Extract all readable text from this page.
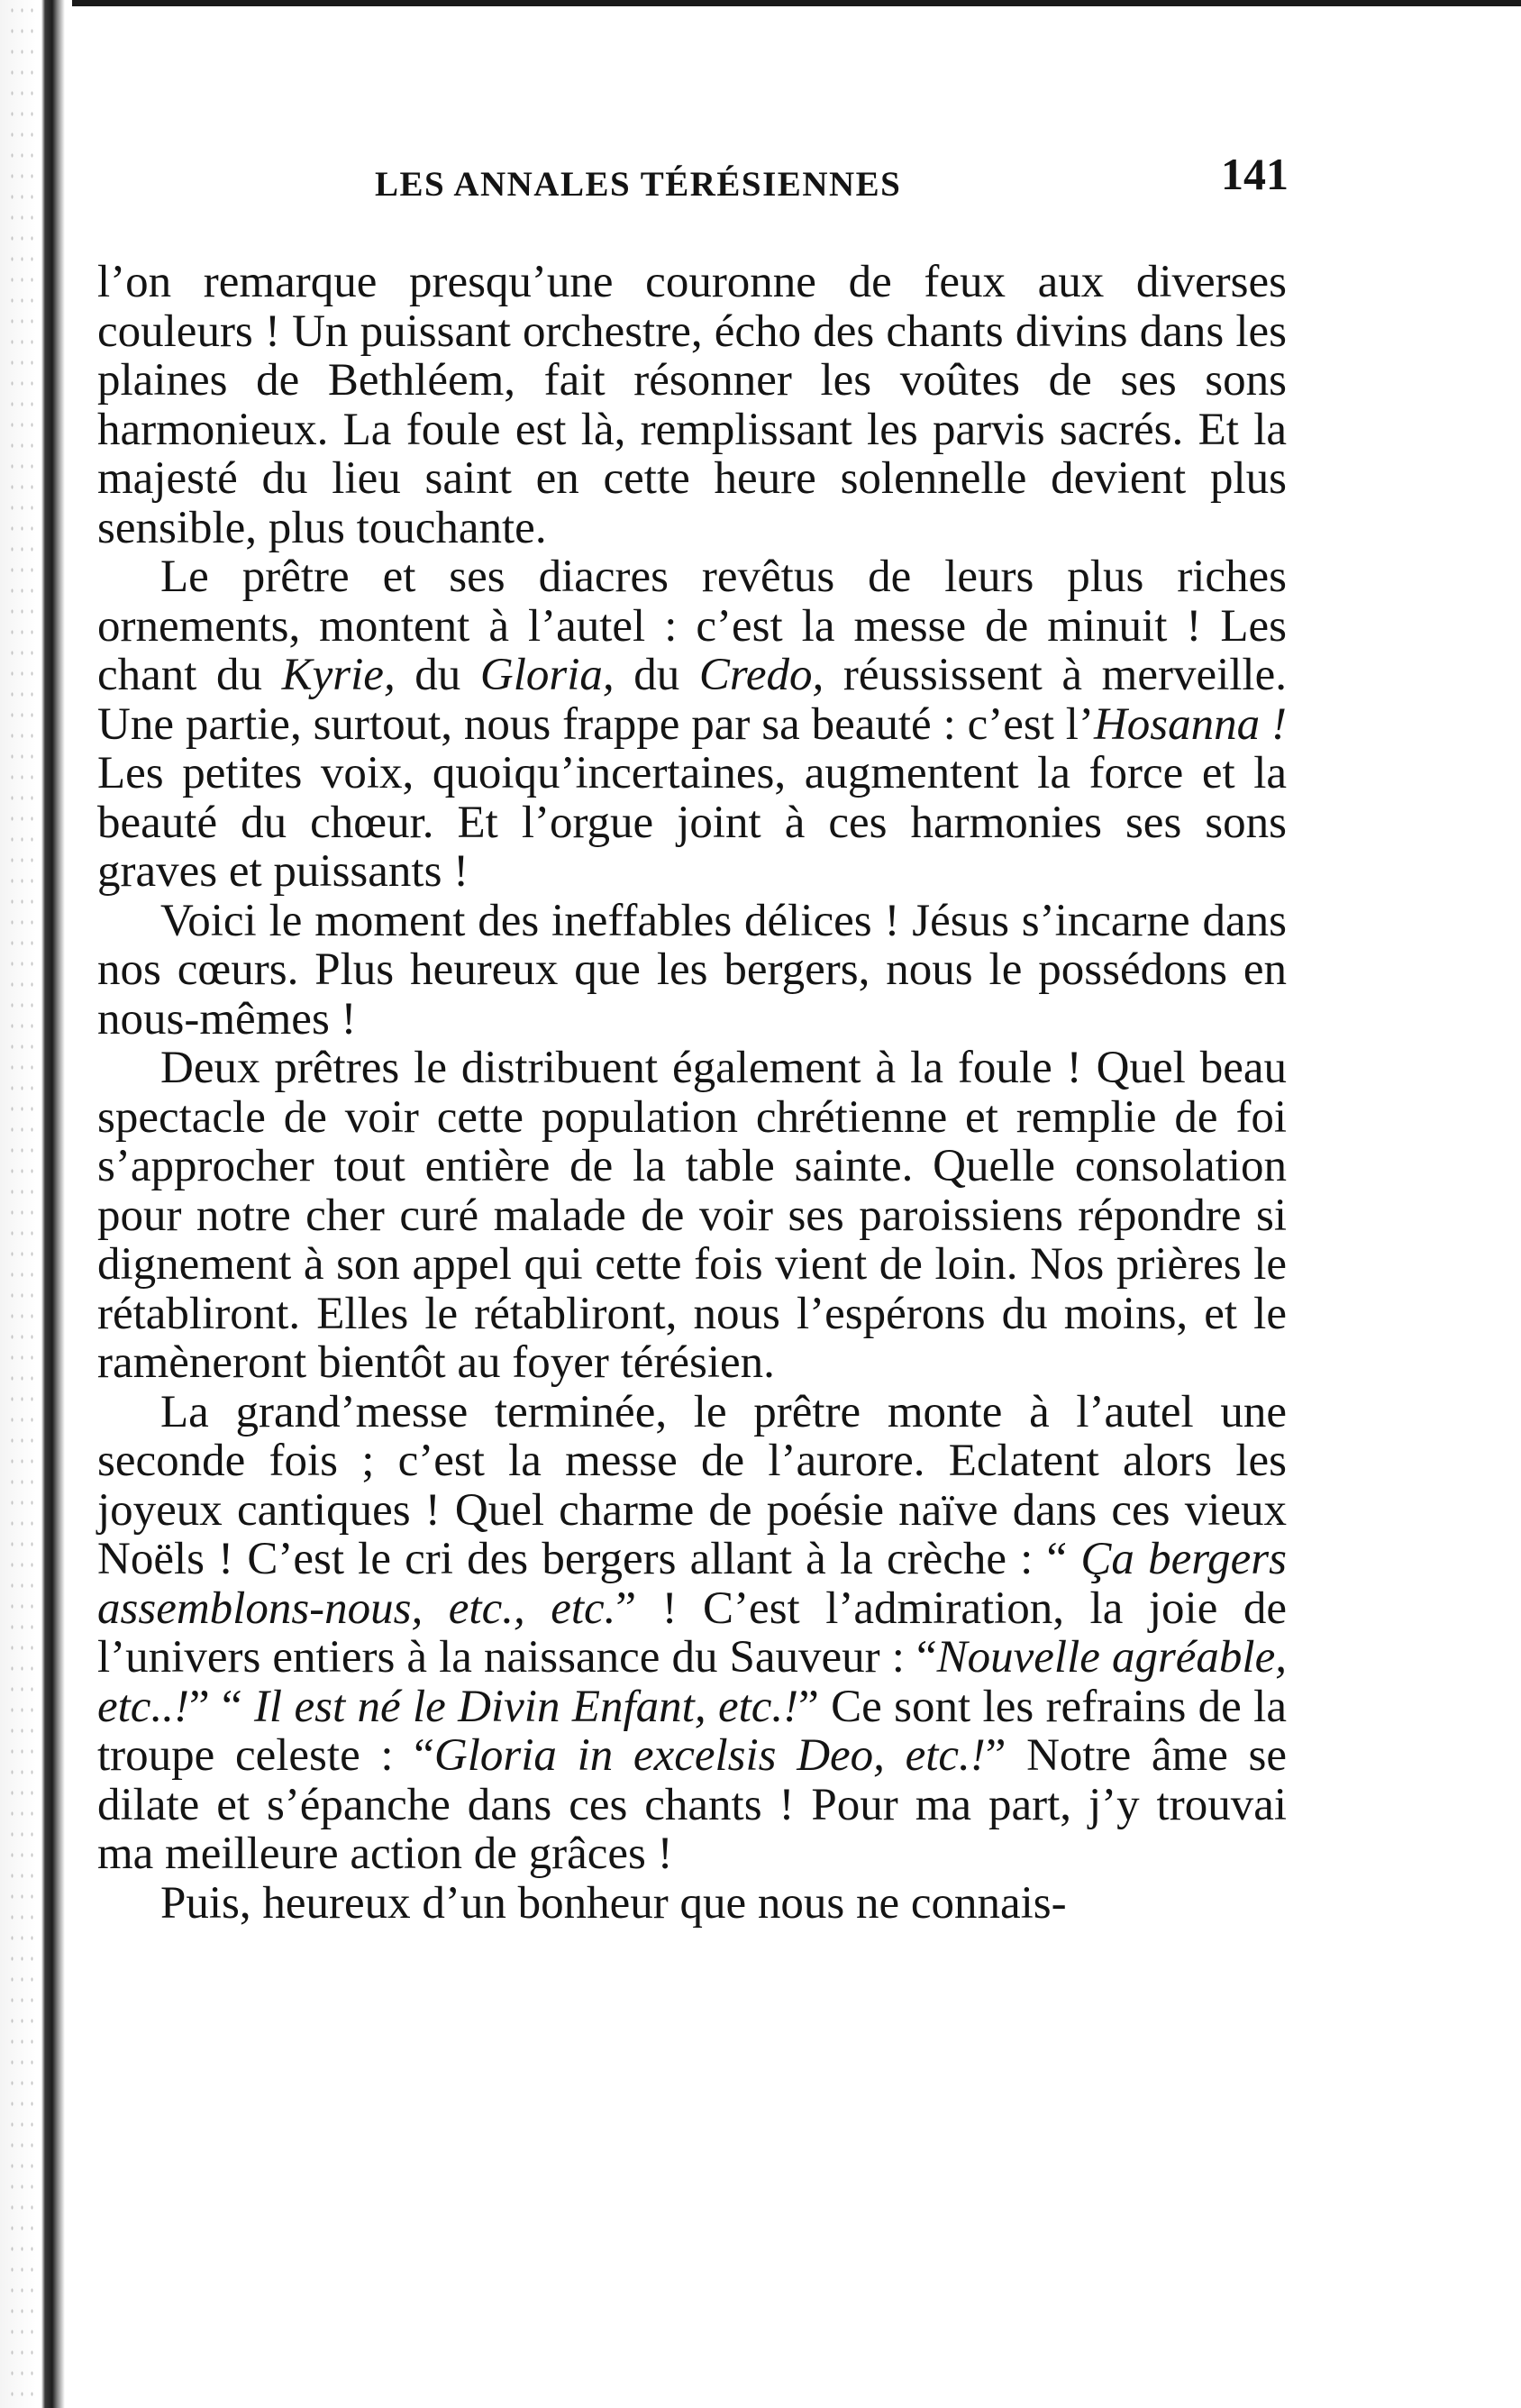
LES ANNALES TÉRÉSIENNES	141

l’on remarque presqu’une couronne de feux aux diverses couleurs ! Un puissant orchestre, écho des chants divins dans les plaines de Bethléem, fait résonner les voûtes de ses sons harmonieux. La foule est là, remplissant les parvis sacrés. Et la majesté du lieu saint en cette heure solennelle devient plus sensible, plus touchante.

Le prêtre et ses diacres revêtus de leurs plus riches ornements, montent à l’autel : c’est la messe de minuit ! Les chant du Kyrie, du Gloria, du Credo, réussissent à merveille. Une partie, surtout, nous frappe par sa beauté : c’est l’Hosanna ! Les petites voix, quoiqu’incertaines, augmentent la force et la beauté du chœur. Et l’orgue joint à ces harmonies ses sons graves et puissants !

Voici le moment des ineffables délices ! Jésus s’incarne dans nos cœurs. Plus heureux que les bergers, nous le possédons en nous-mêmes !

Deux prêtres le distribuent également à la foule ! Quel beau spectacle de voir cette population chrétienne et remplie de foi s’approcher tout entière de la table sainte. Quelle consolation pour notre cher curé malade de voir ses paroissiens répondre si dignement à son appel qui cette fois vient de loin. Nos prières le rétabliront. Elles le rétabliront, nous l’espérons du moins, et le ramèneront bientôt au foyer térésien.

La grand’messe terminée, le prêtre monte à l’autel une seconde fois ; c’est la messe de l’aurore. Eclatent alors les joyeux cantiques ! Quel charme de poésie naïve dans ces vieux Noëls ! C’est le cri des bergers allant à la crèche : “ Ça bergers assemblons-nous, etc., etc.” ! C’est l’admiration, la joie de l’univers entiers à la naissance du Sauveur : “Nouvelle agréable, etc..!” “ Il est né le Divin Enfant, etc.!” Ce sont les refrains de la troupe celeste : “Gloria in excelsis Deo, etc.!” Notre âme se dilate et s’épanche dans ces chants ! Pour ma part, j’y trouvai ma meilleure action de grâces !

Puis, heureux d’un bonheur que nous ne connais-
